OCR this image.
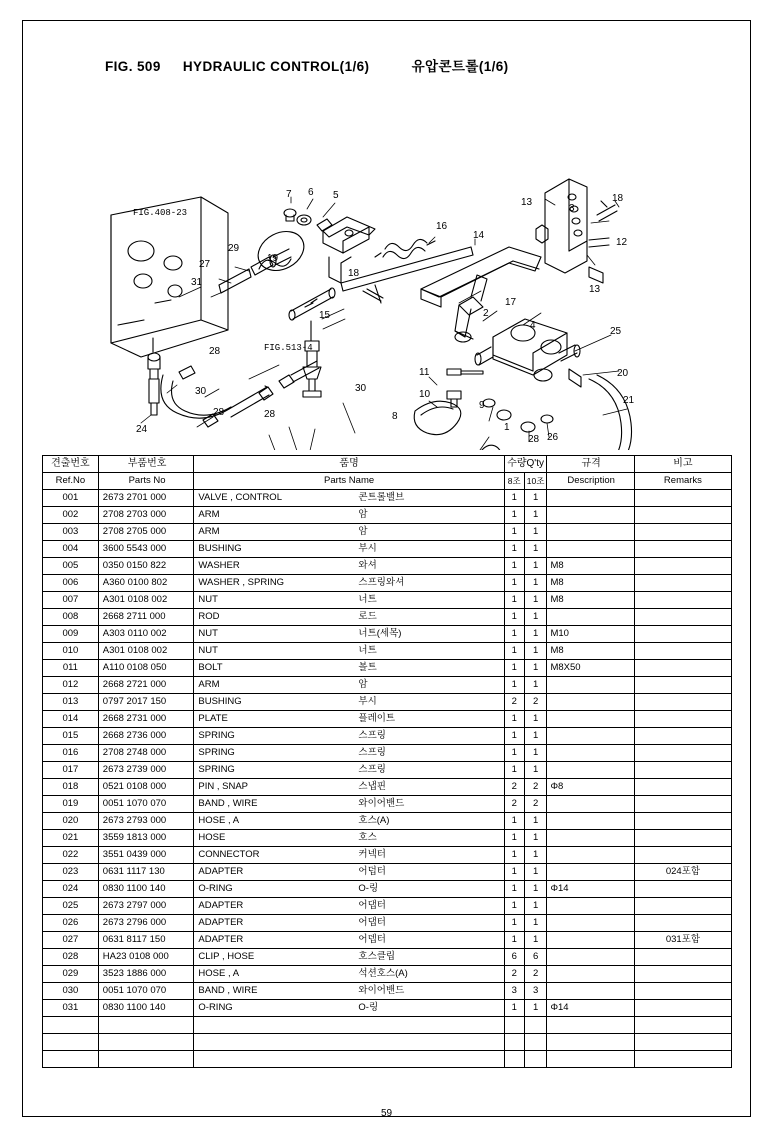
FIG. 509 HYDRAULIC CONTROL(1/6)	유압콘트롤(1/6)
7 6 5
16
14
13	18
12
13
29
27
31
19
18
15
28
28	28
30
30
24
11
10
8
9
1
28 26
2
17
4
25
20
21
3
FIG.408-23
FIG.513-4
견출번호	부품번호	품명	수량Q'ty		규격	비고
Ref.No	Parts No	Parts Name	8조	10조	Description	Remarks
001	2673 2701 000	VALVE , CONTROL 콘트롤밸브	1	1		
002	2708 2703 000	ARM 암	1	1		
003	2708 2705 000	ARM 암	1	1		
004	3600 5543 000	BUSHING 부시	1	1		
005	0350 0150 822	WASHER 와셔	1	1	M8	
006	A360 0100 802	WASHER , SPRING 스프링와셔	1	1	M8	
007	A301 0108 002	NUT 너트	1	1	M8	
008	2668 2711 000	ROD 로드	1	1		
009	A303 0110 002	NUT 너트(세목)	1	1	M10	
010	A301 0108 002	NUT 너트	1	1	M8	
011	A110 0108 050	BOLT 볼트	1	1	M8X50	
012	2668 2721 000	ARM 암	1	1		
013	0797 2017 150	BUSHING 부시	2	2		
014	2668 2731 000	PLATE 플레이트	1	1		
015	2668 2736 000	SPRING 스프링	1	1		
016	2708 2748 000	SPRING 스프링	1	1		
017	2673 2739 000	SPRING 스프링	1	1		
018	0521 0108 000	PIN , SNAP 스냅핀	2	2	Φ8	
019	0051 1070 070	BAND , WIRE 와이어밴드	2	2		
020	2673 2793 000	HOSE , A 호스(A)	1	1		
021	3559 1813 000	HOSE 호스	1	1		
022	3551 0439 000	CONNECTOR 커넥터	1	1		
023	0631 1117 130	ADAPTER 어덥터	1	1		024포함
024	0830 1100 140	O-RING O-링	1	1	Φ14	
025	2673 2797 000	ADAPTER 어댑터	1	1		
026	2673 2796 000	ADAPTER 어댑터	1	1		
027	0631 8117 150	ADAPTER 어뎁터	1	1		031포함
028	HA23 0108 000	CLIP , HOSE 호스클립	6	6		
029	3523 1886 000	HOSE , A 석션호스(A)	2	2		
030	0051 1070 070	BAND , WIRE 와이어밴드	3	3		
031	0830 1100 140	O-RING O-링	1	1	Φ14	

59
